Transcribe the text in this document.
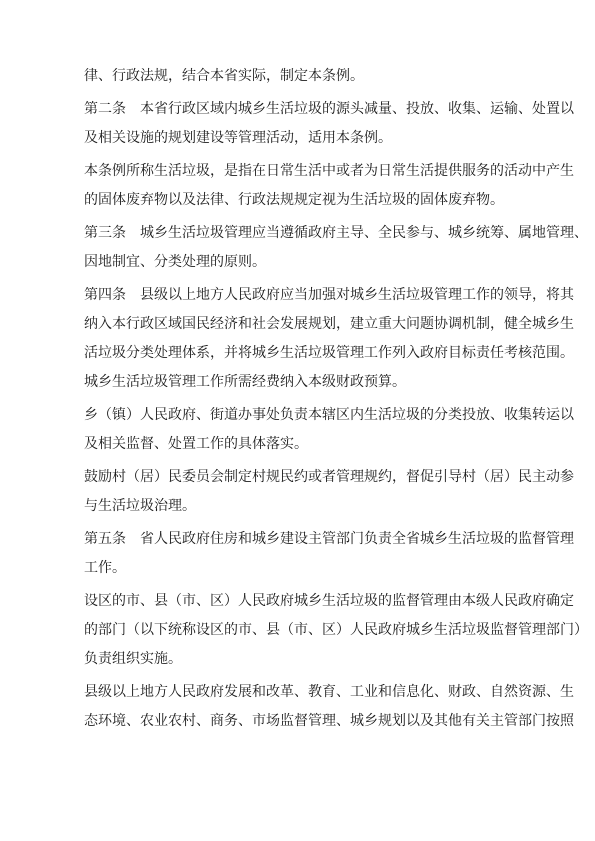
律、行政法规，结合本省实际，制定本条例。
第二条　本省行政区域内城乡生活垃圾的源头减量、投放、收集、运输、处置以
及相关设施的规划建设等管理活动，适用本条例。
本条例所称生活垃圾，是指在日常生活中或者为日常生活提供服务的活动中产生
的固体废弃物以及法律、行政法规规定视为生活垃圾的固体废弃物。
第三条　城乡生活垃圾管理应当遵循政府主导、全民参与、城乡统筹、属地管理、
因地制宜、分类处理的原则。
第四条　县级以上地方人民政府应当加强对城乡生活垃圾管理工作的领导，将其
纳入本行政区域国民经济和社会发展规划，建立重大问题协调机制，健全城乡生
活垃圾分类处理体系，并将城乡生活垃圾管理工作列入政府目标责任考核范围。
城乡生活垃圾管理工作所需经费纳入本级财政预算。
乡（镇）人民政府、街道办事处负责本辖区内生活垃圾的分类投放、收集转运以
及相关监督、处置工作的具体落实。
鼓励村（居）民委员会制定村规民约或者管理规约，督促引导村（居）民主动参
与生活垃圾治理。
第五条　省人民政府住房和城乡建设主管部门负责全省城乡生活垃圾的监督管理
工作。
设区的市、县（市、区）人民政府城乡生活垃圾的监督管理由本级人民政府确定
的部门（以下统称设区的市、县（市、区）人民政府城乡生活垃圾监督管理部门）
负责组织实施。
县级以上地方人民政府发展和改革、教育、工业和信息化、财政、自然资源、生
态环境、农业农村、商务、市场监督管理、城乡规划以及其他有关主管部门按照
